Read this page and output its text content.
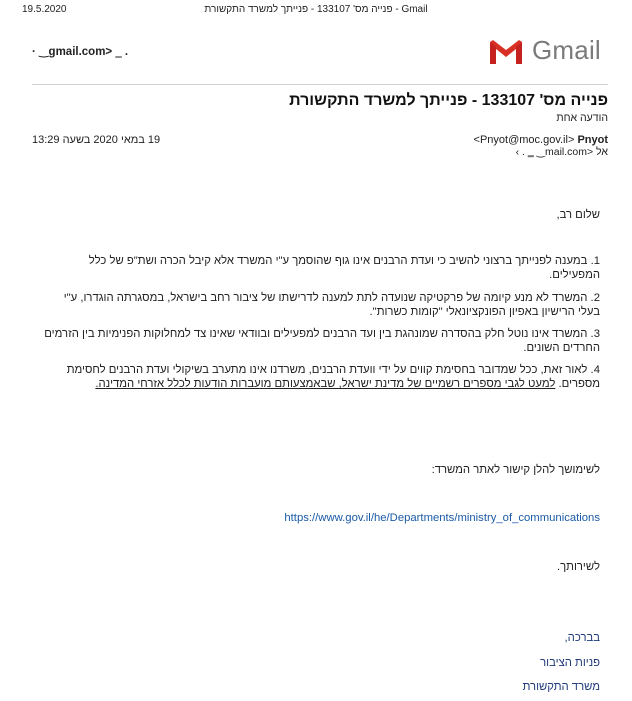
19.5.2020	Gmail - פנייה מס' 133107 - פנייתך למשרד התקשורת
· ‿gmail.com> ‗ .	Gmail
פנייה מס' 133107 - פנייתך למשרד התקשורת
הודעה אחת
<Pnyot@moc.gov.il> Pnyot
‹ . ‗ ‿mail.com> אל
19 במאי 2020 בשעה 13:29
שלום רב,
1. במענה לפנייתך ברצוני להשיב כי ועדת הרבנים אינו גוף שהוסמך ע"י המשרד אלא קיבל הכרה ושת"פ של כלל המפעילים.
2. המשרד לא מנע קיומה של פרקטיקה שנועדה לתת למענה לדרישתו של ציבור רחב בישראל, במסגרתה הוגדרו, ע"י בעלי הרישיון באפיון הפונקציונאלי "קומות כשרות".
3. המשרד אינו נוטל חלק בהסדרה שמונהגת בין ועד הרבנים למפעילים ובוודאי שאינו צד למחלוקות הפנימיות בין הזרמים החרדים השונים.
4. לאור זאת, ככל שמדובר בחסימת קווים על ידי וועדת הרבנים, משרדנו אינו מתערב בשיקולי ועדת הרבנים לחסימת מספרים. למעט לגבי מספרים רשמיים של מדינת ישראל, שבאמצעותם מועברות הודעות לכלל אזרחי המדינה.
לשימושך להלן קישור לאתר המשרד:
https://www.gov.il/he/Departments/ministry_of_communications
לשירותך.
בברכה,
פניות הציבור
משרד התקשורת
